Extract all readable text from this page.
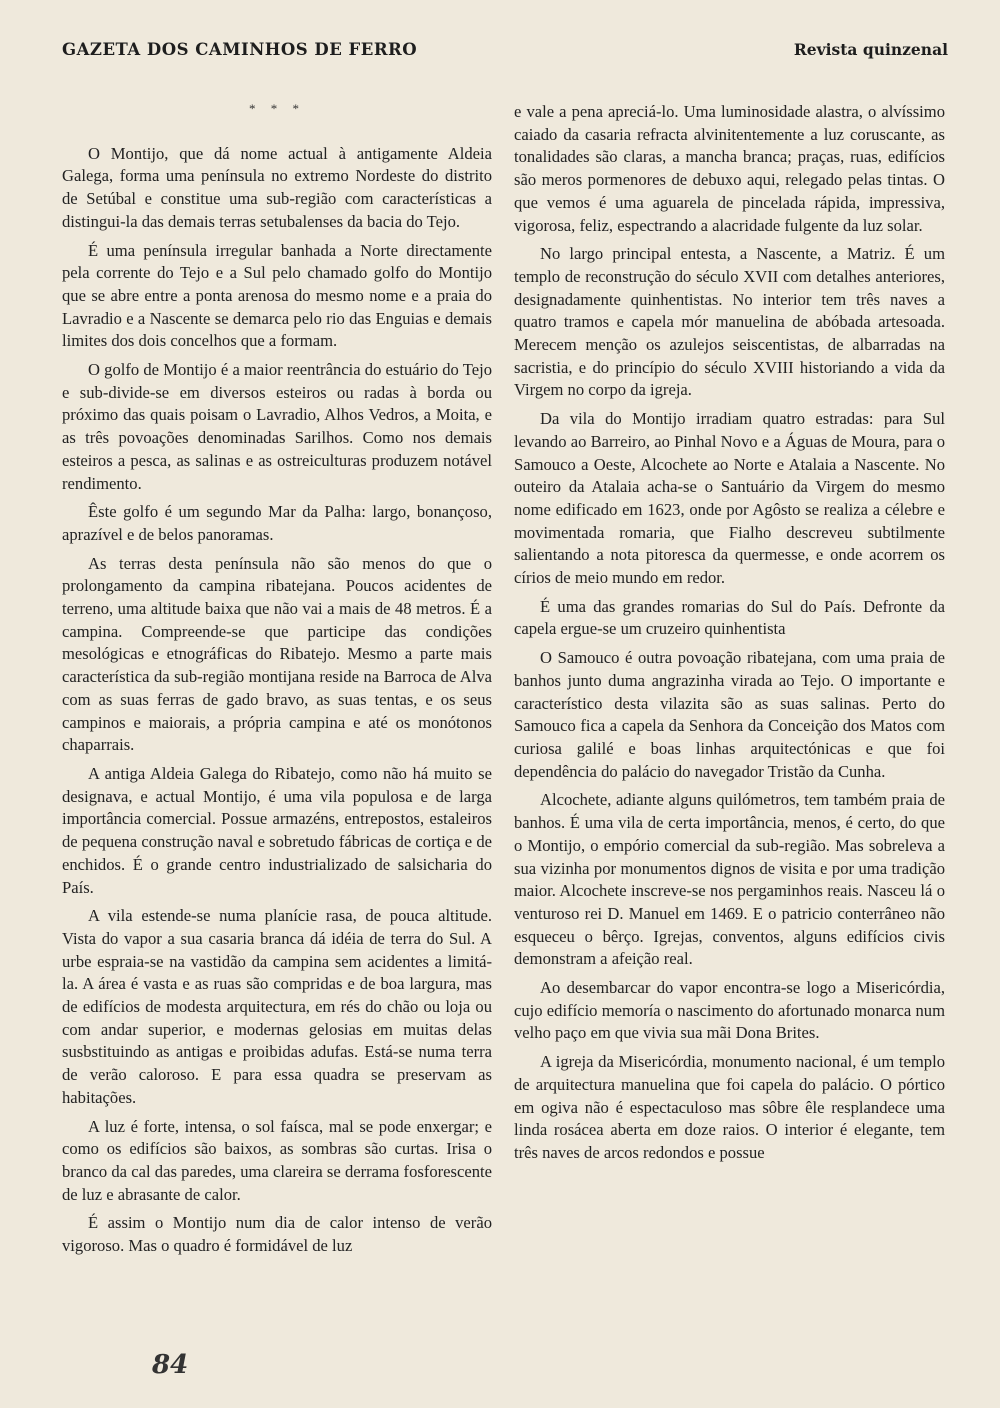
GAZETA DOS CAMINHOS DE FERRO	Revista quinzenal
* * *

O Montijo, que dá nome actual à antigamente Aldeia Galega, forma uma península no extremo Nordeste do distrito de Setúbal e constitue uma sub-região com características a distingui-la das demais terras setubalenses da bacia do Tejo.

É uma península irregular banhada a Norte directamente pela corrente do Tejo e a Sul pelo chamado golfo do Montijo que se abre entre a ponta arenosa do mesmo nome e a praia do Lavradio e a Nascente se demarca pelo rio das Enguias e demais limites dos dois concelhos que a formam.

O golfo de Montijo é a maior reentrância do estuário do Tejo e sub-divide-se em diversos esteiros ou radas à borda ou próximo das quais poisam o Lavradio, Alhos Vedros, a Moita, e as três povoações denominadas Sarilhos. Como nos demais esteiros a pesca, as salinas e as ostreiculturas produzem notável rendimento.

Êste golfo é um segundo Mar da Palha: largo, bonançoso, aprazível e de belos panoramas.

As terras desta península não são menos do que o prolongamento da campina ribatejana. Poucos acidentes de terreno, uma altitude baixa que não vai a mais de 48 metros. É a campina. Compreende-se que participe das condições mesológicas e etnográficas do Ribatejo. Mesmo a parte mais característica da sub-região montijana reside na Barroca de Alva com as suas ferras de gado bravo, as suas tentas, e os seus campinos e maiorais, a própria campina e até os monótonos chaparrais.

A antiga Aldeia Galega do Ribatejo, como não há muito se designava, e actual Montijo, é uma vila populosa e de larga importância comercial. Possue armazéns, entrepostos, estaleiros de pequena construção naval e sobretudo fábricas de cortiça e de enchidos. É o grande centro industrializado de salsicharia do País.

A vila estende-se numa planície rasa, de pouca altitude. Vista do vapor a sua casaria branca dá idéia de terra do Sul. A urbe espraia-se na vastidão da campina sem acidentes a limitá-la. A área é vasta e as ruas são compridas e de boa largura, mas de edifícios de modesta arquitectura, em rés do chão ou loja ou com andar superior, e modernas gelosias em muitas delas susbstituindo as antigas e proibidas adufas. Está-se numa terra de verão caloroso. E para essa quadra se preservam as habitações.

A luz é forte, intensa, o sol faísca, mal se pode enxergar; e como os edifícios são baixos, as sombras são curtas. Irisa o branco da cal das paredes, uma clareira se derrama fosforescente de luz e abrasante de calor.

É assim o Montijo num dia de calor intenso de verão vigoroso. Mas o quadro é formidável de luz

e vale a pena apreciá-lo. Uma luminosidade alastra, o alvíssimo caiado da casaria refracta alvinitentemente a luz coruscante, as tonalidades são claras, a mancha branca; praças, ruas, edifícios são meros pormenores de debuxo aqui, relegado pelas tintas. O que vemos é uma aguarela de pincelada rápida, impressiva, vigorosa, feliz, espectrando a alacridade fulgente da luz solar.

No largo principal entesta, a Nascente, a Matriz. É um templo de reconstrução do século XVII com detalhes anteriores, designadamente quinhentistas. No interior tem três naves a quatro tramos e capela mór manuelina de abóbada artesoada. Merecem menção os azulejos seiscentistas, de albarradas na sacristia, e do princípio do século XVIII historiando a vida da Virgem no corpo da igreja.

Da vila do Montijo irradiam quatro estradas: para Sul levando ao Barreiro, ao Pinhal Novo e a Águas de Moura, para o Samouco a Oeste, Alcochete ao Norte e Atalaia a Nascente. No outeiro da Atalaia acha-se o Santuário da Virgem do mesmo nome edificado em 1623, onde por Agôsto se realiza a célebre e movimentada romaria, que Fialho descreveu subtilmente salientando a nota pitoresca da quermesse, e onde acorrem os círios de meio mundo em redor.

É uma das grandes romarias do Sul do País. Defronte da capela ergue-se um cruzeiro quinhentista

O Samouco é outra povoação ribatejana, com uma praia de banhos junto duma angrazinha virada ao Tejo. O importante e característico desta vilazita são as suas salinas. Perto do Samouco fica a capela da Senhora da Conceição dos Matos com curiosa galilé e boas linhas arquitectónicas e que foi dependência do palácio do navegador Tristão da Cunha.

Alcochete, adiante alguns quilómetros, tem também praia de banhos. É uma vila de certa importância, menos, é certo, do que o Montijo, o empório comercial da sub-região. Mas sobreleva a sua vizinha por monumentos dignos de visita e por uma tradição maior. Alcochete inscreve-se nos pergaminhos reais. Nasceu lá o venturoso rei D. Manuel em 1469. E o patricio conterrâneo não esqueceu o bêrço. Igrejas, conventos, alguns edifícios civis demonstram a afeição real.

Ao desembarcar do vapor encontra-se logo a Misericórdia, cujo edifício memoría o nascimento do afortunado monarca num velho paço em que vivia sua mãi Dona Brites.

A igreja da Misericórdia, monumento nacional, é um templo de arquitectura manuelina que foi capela do palácio. O pórtico em ogiva não é espectaculoso mas sôbre êle resplandece uma linda rosácea aberta em doze raios. O interior é elegante, tem três naves de arcos redondos e possue

84
